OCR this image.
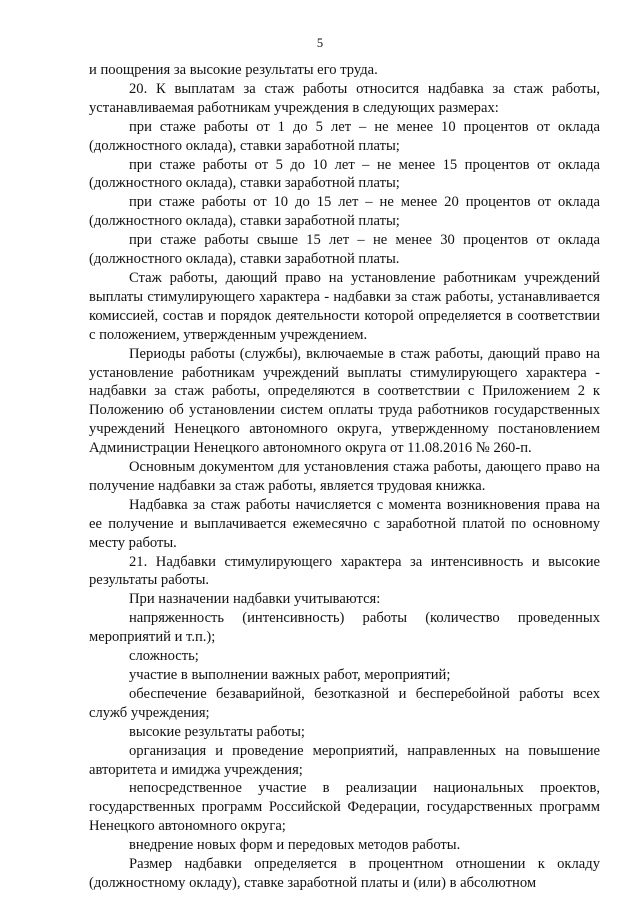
5

и поощрения за высокие результаты его труда.

20. К выплатам за стаж работы относится надбавка за стаж работы, устанавливаемая работникам учреждения в следующих размерах:

при стаже работы от 1 до 5 лет – не менее 10 процентов от оклада (должностного оклада), ставки заработной платы;

при стаже работы от 5 до 10 лет – не менее 15 процентов от оклада (должностного оклада), ставки заработной платы;

при стаже работы от 10 до 15 лет – не менее 20 процентов от оклада (должностного оклада), ставки заработной платы;

при стаже работы свыше 15 лет – не менее 30 процентов от оклада (должностного оклада), ставки заработной платы.

Стаж работы, дающий право на установление работникам учреждений выплаты стимулирующего характера - надбавки за стаж работы, устанавливается комиссией, состав и порядок деятельности которой определяется в соответствии с положением, утвержденным учреждением.

Периоды работы (службы), включаемые в стаж работы, дающий право на установление работникам учреждений выплаты стимулирующего характера - надбавки за стаж работы, определяются в соответствии с Приложением 2 к Положению об установлении систем оплаты труда работников государственных учреждений Ненецкого автономного округа, утвержденному постановлением Администрации Ненецкого автономного округа от 11.08.2016 № 260-п.

Основным документом для установления стажа работы, дающего право на получение надбавки за стаж работы, является трудовая книжка.

Надбавка за стаж работы начисляется с момента возникновения права на ее получение и выплачивается ежемесячно с заработной платой по основному месту работы.

21. Надбавки стимулирующего характера за интенсивность и высокие результаты работы.

При назначении надбавки учитываются:

напряженность (интенсивность) работы (количество проведенных мероприятий и т.п.);

сложность;

участие в выполнении важных работ, мероприятий;

обеспечение безаварийной, безотказной и бесперебойной работы всех служб учреждения;

высокие результаты работы;

организация и проведение мероприятий, направленных на повышение авторитета и имиджа учреждения;

непосредственное участие в реализации национальных проектов, государственных программ Российской Федерации, государственных программ Ненецкого автономного округа;

внедрение новых форм и передовых методов работы.

Размер надбавки определяется в процентном отношении к окладу (должностному окладу), ставке заработной платы и (или) в абсолютном
